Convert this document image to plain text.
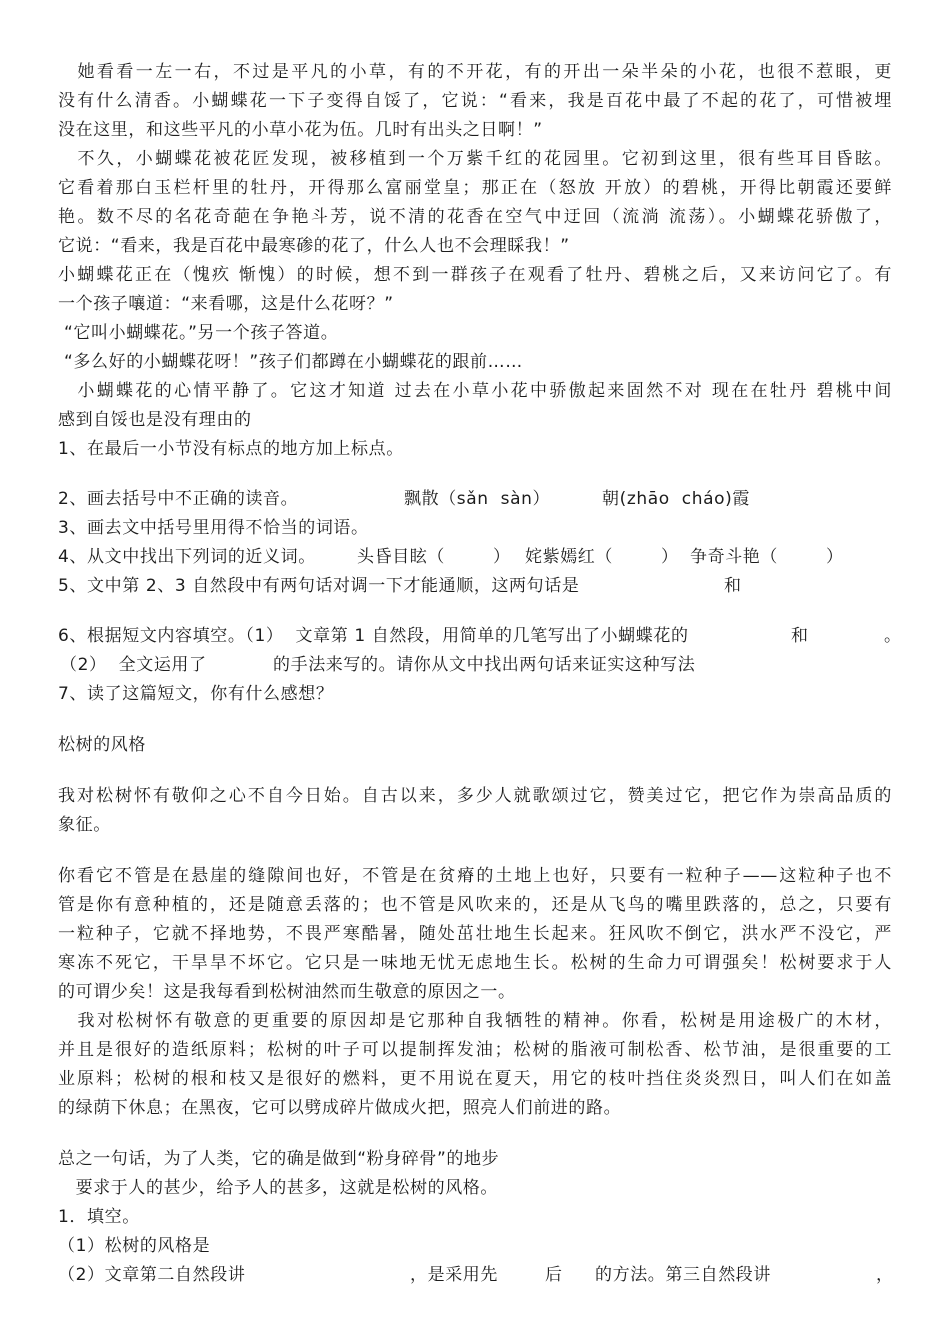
　她看看一左一右，不过是平凡的小草，有的不开花，有的开出一朵半朵的小花，也很不惹眼，更
没有什么清香。小蝴蝶花一下子变得自馁了，它说：“看来，我是百花中最了不起的花了，可惜被埋
没在这里，和这些平凡的小草小花为伍。几时有出头之日啊！”
　不久，小蝴蝶花被花匠发现，被移植到一个万紫千红的花园里。它初到这里，很有些耳目昏眩。
它看着那白玉栏杆里的牡丹，开得那么富丽堂皇；那正在（怒放 开放）的碧桃，开得比朝霞还要鲜
艳。数不尽的名花奇葩在争艳斗芳，说不清的花香在空气中迂回（流淌 流荡）。小蝴蝶花骄傲了，
它说：“看来，我是百花中最寒碜的花了，什么人也不会理睬我！”
小蝴蝶花正在（愧疚 惭愧）的时候，想不到一群孩子在观看了牡丹、碧桃之后，又来访问它了。有
一个孩子嚷道：“来看哪，这是什么花呀？”
“它叫小蝴蝶花。”另一个孩子答道。
“多么好的小蝴蝶花呀！”孩子们都蹲在小蝴蝶花的跟前……
　小蝴蝶花的心情平静了。它这才知道 过去在小草小花中骄傲起来固然不对 现在在牡丹 碧桃中间
感到自馁也是没有理由的
1、在最后一小节没有标点的地方加上标点。
2、画去括号中不正确的读音。	飘散（sǎn  sàn）	朝(zhāo  cháo)霞
3、画去文中括号里用得不恰当的词语。
4、从文中找出下列词的近义词。 头昏目眩（        ） 姹紫嫣红（        ） 争奇斗艳（        ）
5、文中第 2、3 自然段中有两句话对调一下才能通顺，这两句话是	和
6、根据短文内容填空。（1）  文章第 1 自然段，用简单的几笔写出了小蝴蝶花的	和	。
（2）  全文运用了	的手法来写的。请你从文中找出两句话来证实这种写法
7、读了这篇短文，你有什么感想？
松树的风格
我对松树怀有敬仰之心不自今日始。自古以来，多少人就歌颂过它，赞美过它，把它作为崇高品质的
象征。
你看它不管是在悬崖的缝隙间也好，不管是在贫瘠的土地上也好，只要有一粒种子——这粒种子也不
管是你有意种植的，还是随意丢落的；也不管是风吹来的，还是从飞鸟的嘴里跌落的，总之，只要有
一粒种子，它就不择地势，不畏严寒酷暑，随处茁壮地生长起来。狂风吹不倒它，洪水严不没它，严
寒冻不死它，干旱旱不坏它。它只是一味地无忧无虑地生长。松树的生命力可谓强矣！松树要求于人
的可谓少矣！这是我每看到松树油然而生敬意的原因之一。
　我对松树怀有敬意的更重要的原因却是它那种自我牺牲的精神。你看，松树是用途极广的木材，
并且是很好的造纸原料；松树的叶子可以提制挥发油；松树的脂液可制松香、松节油，是很重要的工
业原料；松树的根和枝又是很好的燃料，更不用说在夏天，用它的枝叶挡住炎炎烈日，叫人们在如盖
的绿荫下休息；在黑夜，它可以劈成碎片做成火把，照亮人们前进的路。
总之一句话，为了人类，它的确是做到“粉身碎骨”的地步
　要求于人的甚少，给予人的甚多，这就是松树的风格。
1．填空。
（1）松树的风格是
（2）文章第二自然段讲	，是采用先	后 的方法。第三自然段讲	，
